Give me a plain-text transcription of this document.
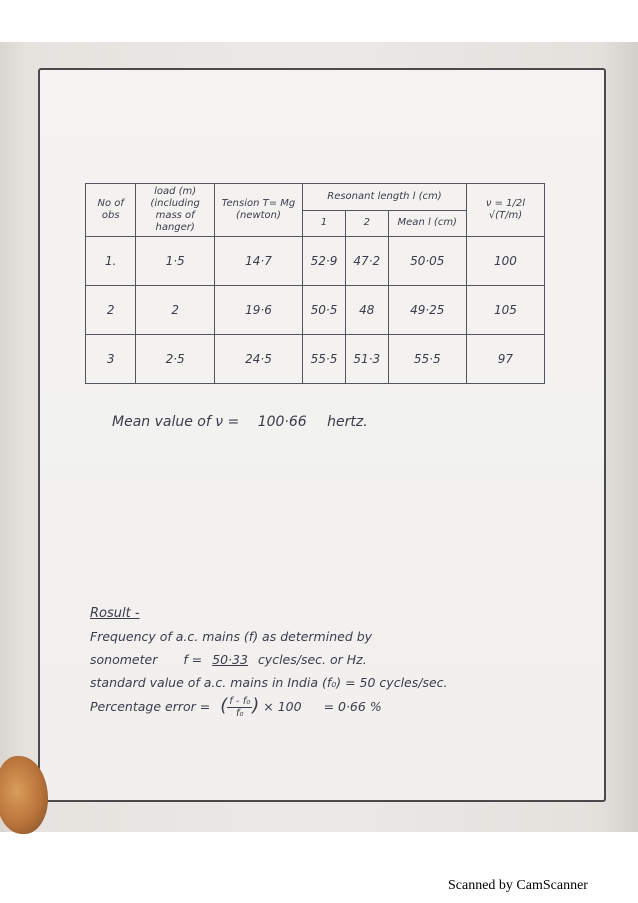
No of obs	load (m) (including mass of hanger)	Tension T= Mg (newton)	Resonant length l (cm)			ν = 1/2l √(T/m)
			1	2	Mean l (cm)	
1.	1·5	14·7	52·9	47·2	50·05	100
2	2	19·6	50·5	48	49·25	105
3	2·5	24·5	55·5	51·3	55·5	97
Mean value of ν = 100·66 hertz.
Rosult -
Frequency of a.c. mains (f) as determined by
sonometer f = 50·33 cycles/sec. or Hz.
standard value of a.c. mains in India (f₀) = 50 cycles/sec.
Percentage error = ( $\frac{\text{f - f₀}}{\text{f₀}}$ ) × 100 = 0·66 %
Scanned by CamScanner
